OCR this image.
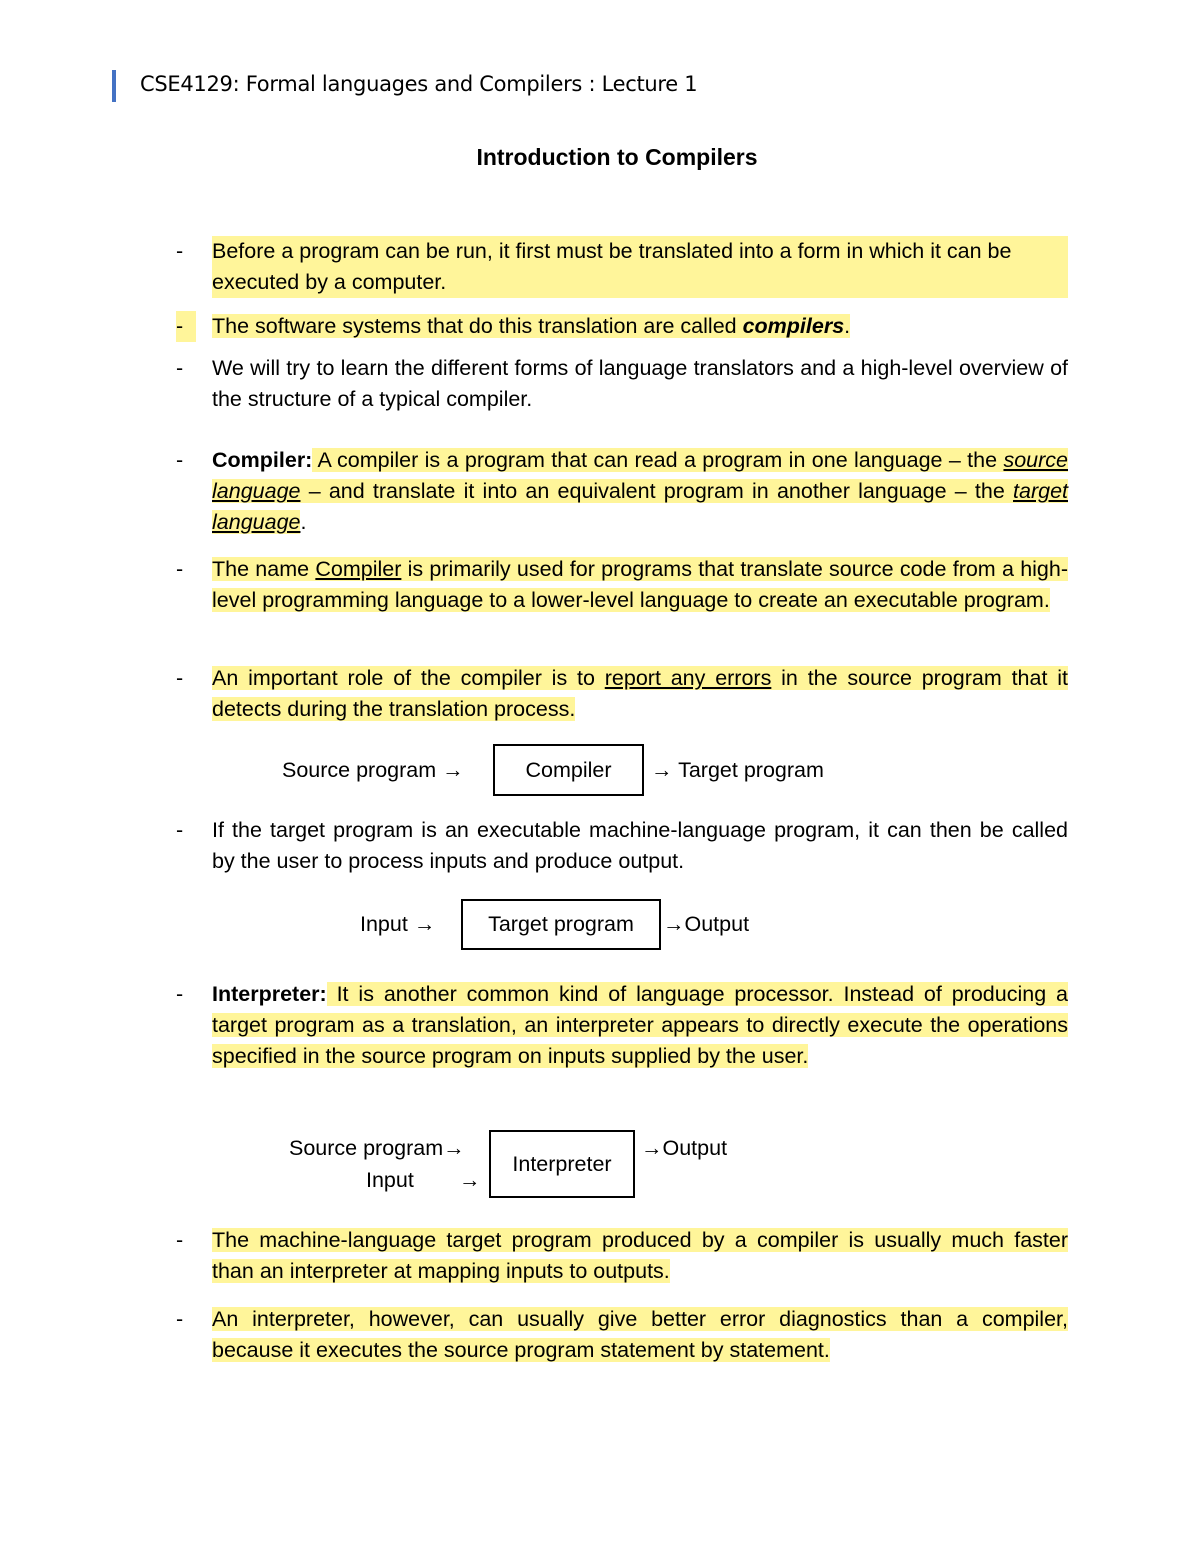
CSE4129: Formal languages and Compilers : Lecture 1
Introduction to Compilers
-	Before a program can be run, it first must be translated into a form in which it can be executed by a computer.
-	The software systems that do this translation are called compilers.
-	We will try to learn the different forms of language translators and a high-level overview of the structure of a typical compiler.
-	Compiler: A compiler is a program that can read a program in one language – the source language – and translate it into an equivalent program in another language – the target language.
-	The name Compiler is primarily used for programs that translate source code from a high-level programming language to a lower-level language to create an executable program.
-	An important role of the compiler is to report any errors in the source program that it detects during the translation process.
Source program →	Compiler → Target program
-	If the target program is an executable machine-language program, it can then be called by the user to process inputs and produce output.
Input → Target program →Output
-	Interpreter: It is another common kind of language processor. Instead of producing a target program as a translation, an interpreter appears to directly execute the operations specified in the source program on inputs supplied by the user.
Source program→
Input →
Interpreter
→Output
-	The machine-language target program produced by a compiler is usually much faster than an interpreter at mapping inputs to outputs.
-	An interpreter, however, can usually give better error diagnostics than a compiler, because it executes the source program statement by statement.
